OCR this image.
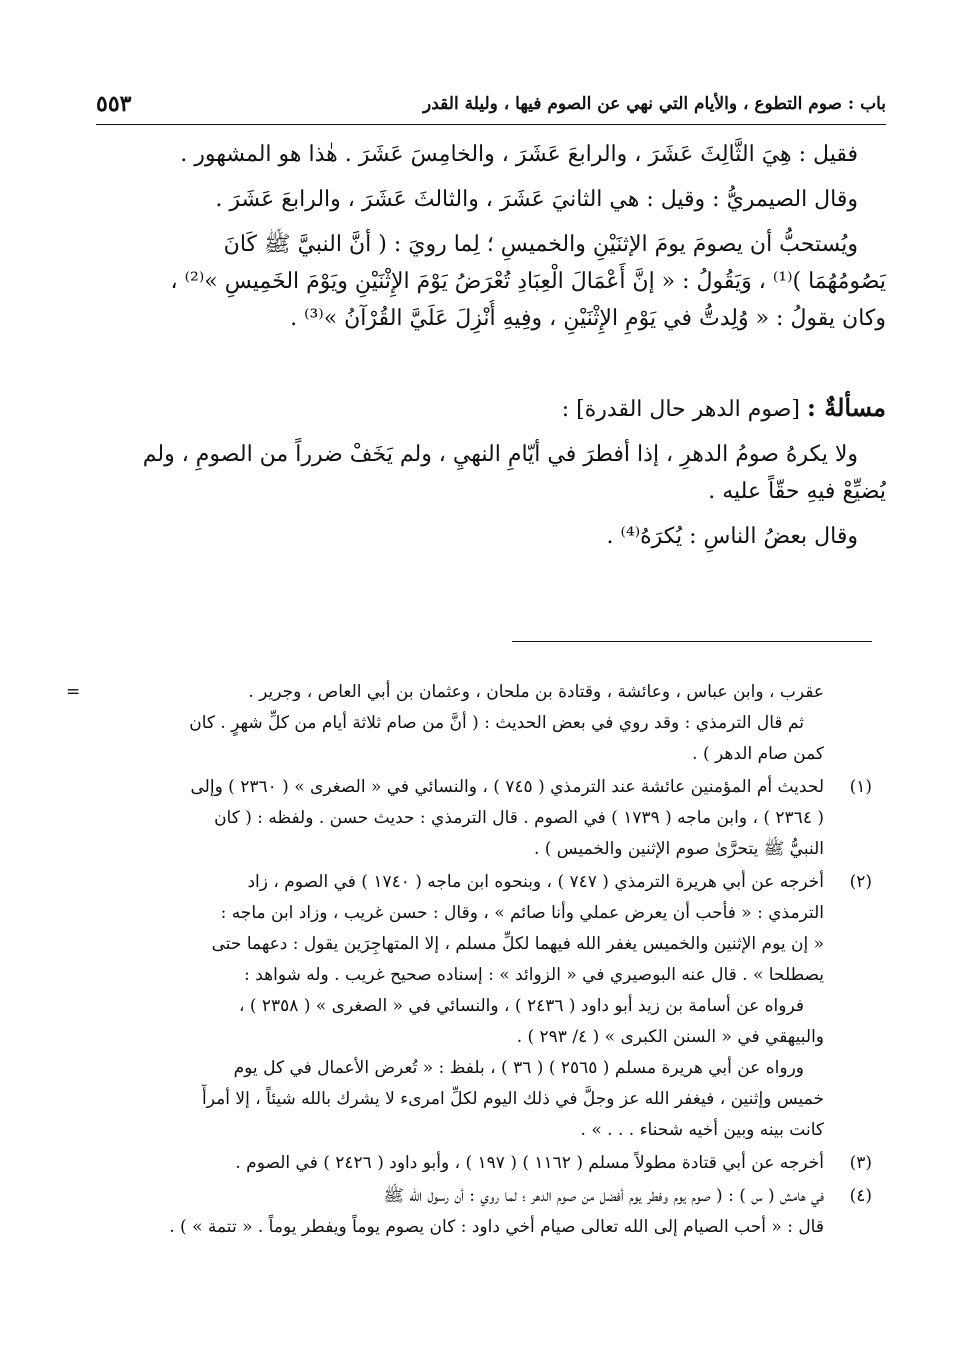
باب : صوم التطوع ، والأيام التي نهي عن الصوم فيها ، وليلة القدر
٥٥٣

فقيل : هِيَ الثَّالِثَ عَشَرَ ، والرابعَ عَشَرَ ، والخامِسَ عَشَرَ . هٰذا هو المشهور .

وقال الصيمريُّ : وقيل : هي الثانيَ عَشَرَ ، والثالثَ عَشَرَ ، والرابعَ عَشَرَ .

ويُستحبُّ أن يصومَ يومَ الإثنَيْنِ والخميسِ ؛ لِما رويَ : ( أنَّ النبيَّ ﷺ كَانَ

يَصُومُهُمَا )⁽¹⁾ ، وَيَقُولُ : « إنَّ أَعْمَالَ الْعِبَادِ تُعْرَضُ يَوْمَ الإِثْنَيْنِ ويَوْمَ الخَمِيسِ »⁽²⁾ ،

وكان يقولُ : « وُلِدتُّ في يَوْمِ الإِثْنَيْنِ ، وفِيهِ أُنْزِلَ عَلَيَّ القُرْآنُ »⁽³⁾ .

مسألةٌ : [صوم الدهر حال القدرة] :

ولا يكرهُ صومُ الدهرِ ، إذا أفطرَ في أيّامِ النهيِ ، ولم يَخَفْ ضرراً من الصومِ ، ولم

يُضيِّعْ فيهِ حقّاً عليه .

وقال بعضُ الناسِ : يُكرَهُ⁽⁴⁾ .

=	عقرب ، وابن عباس ، وعائشة ، وقتادة بن ملحان ، وعثمان بن أبي العاص ، وجرير .
ثم قال الترمذي : وقد روي في بعض الحديث : ( أنَّ من صام ثلاثة أيام من كلِّ شهرٍ . كان
كمن صام الدهر ) .
(١)
لحديث أم المؤمنين عائشة عند الترمذي ( ٧٤٥ ) ، والنسائي في « الصغرى » ( ٢٣٦٠ ) وإلى
( ٢٣٦٤ ) ، وابن ماجه ( ١٧٣٩ ) في الصوم . قال الترمذي : حديث حسن . ولفظه : ( كان
النبيُّ ﷺ يتحرَّىٰ صوم الإثنين والخميس ) .
(٢)
أخرجه عن أبي هريرة الترمذي ( ٧٤٧ ) ، وبنحوه ابن ماجه ( ١٧٤٠ ) في الصوم ، زاد
الترمذي : « فأحب أن يعرض عملي وأنا صائم » ، وقال : حسن غريب ، وزاد ابن ماجه :
« إن يوم الإثنين والخميس يغفر الله فيهما لكلِّ مسلم ، إلا المتهاجِرَين يقول : دعهما حتى
يصطلحا » . قال عنه البوصيري في « الزوائد » : إسناده صحيح غريب . وله شواهد :
فرواه عن أسامة بن زيد أبو داود ( ٢٤٣٦ ) ، والنسائي في « الصغرى » ( ٢٣٥٨ ) ،
والبيهقي في « السنن الكبرى » ( ٤/ ٢٩٣ ) .
ورواه عن أبي هريرة مسلم ( ٢٥٦٥ ) ( ٣٦ ) ، بلفظ : « تُعرض الأعمال في كل يوم
خميس وإثنين ، فيغفر الله عز وجلَّ في ذلك اليوم لكلِّ امرىء لا يشرك بالله شيئاً ، إلا أمرأً
كانت بينه وبين أخيه شحناء . . . » .
(٣)
أخرجه عن أبي قتادة مطولاً مسلم ( ١١٦٢ ) ( ١٩٧ ) ، وأبو داود ( ٢٤٢٦ ) في الصوم .
(٤)
في هامش ( س ) : ( صوم يوم وفطر يوم أفضل من صوم الدهر ؛ لما روي : أن رسول الله ﷺ
قال : « أحب الصيام إلى الله تعالى صيام أخي داود : كان يصوم يوماً ويفطر يوماً . « تتمة » ) .
